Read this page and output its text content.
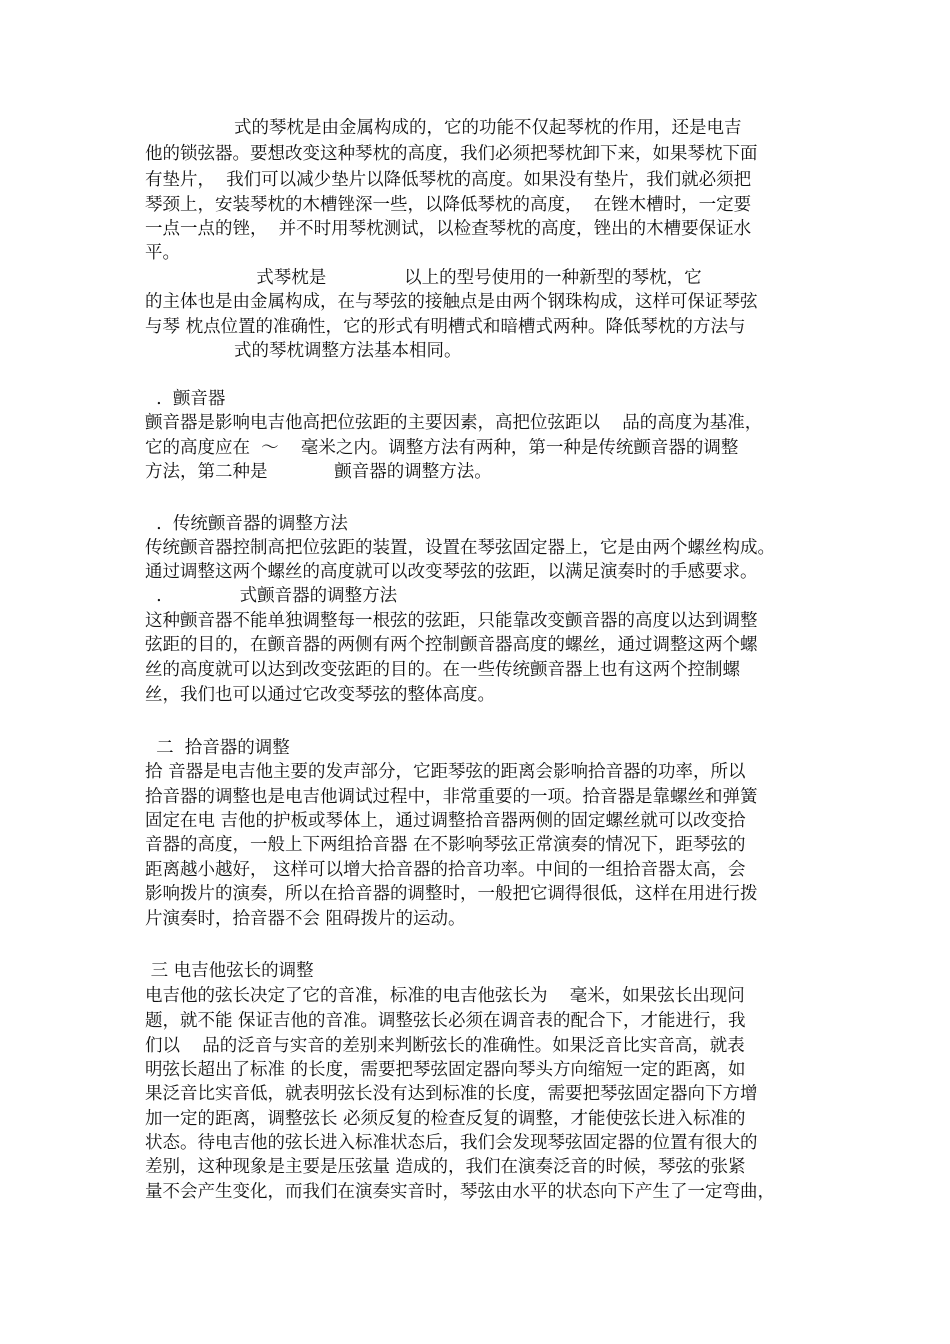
式的琴枕是由金属构成的，它的功能不仅起琴枕的作用，还是电吉
他的锁弦器。要想改变这种琴枕的高度，我们必须把琴枕卸下来，如果琴枕下面
有垫片，  我们可以减少垫片以降低琴枕的高度。如果没有垫片，我们就必须把
琴颈上，安装琴枕的木槽锉深一些，以降低琴枕的高度，  在锉木槽时，一定要
一点一点的锉，  并不时用琴枕测试，以检查琴枕的高度，锉出的木槽要保证水
平。
式琴枕是              以上的型号使用的一种新型的琴枕，它
的主体也是由金属构成，在与琴弦的接触点是由两个钢珠构成，这样可保证琴弦
与琴 枕点位置的准确性，它的形式有明槽式和暗槽式两种。降低琴枕的方法与
式的琴枕调整方法基本相同。
.  颤音器
颤音器是影响电吉他高把位弦距的主要因素，高把位弦距以    品的高度为基准，
它的高度应在  ～    毫米之内。调整方法有两种，第一种是传统颤音器的调整
方法，第二种是            颤音器的调整方法。
.  传统颤音器的调整方法
传统颤音器控制高把位弦距的装置，设置在琴弦固定器上，它是由两个螺丝构成。
通过调整这两个螺丝的高度就可以改变琴弦的弦距，以满足演奏时的手感要求。
.              式颤音器的调整方法
这种颤音器不能单独调整每一根弦的弦距，只能靠改变颤音器的高度以达到调整
弦距的目的，在颤音器的两侧有两个控制颤音器高度的螺丝，通过调整这两个螺
丝的高度就可以达到改变弦距的目的。在一些传统颤音器上也有这两个控制螺
丝，我们也可以通过它改变琴弦的整体高度。
二  拾音器的调整
拾 音器是电吉他主要的发声部分，它距琴弦的距离会影响拾音器的功率，所以
拾音器的调整也是电吉他调试过程中，非常重要的一项。拾音器是靠螺丝和弹簧
固定在电 吉他的护板或琴体上，通过调整拾音器两侧的固定螺丝就可以改变拾
音器的高度，一般上下两组拾音器 在不影响琴弦正常演奏的情况下，距琴弦的
距离越小越好， 这样可以增大拾音器的拾音功率。中间的一组拾音器太高，会
影响拨片的演奏，所以在拾音器的调整时，一般把它调得很低，这样在用进行拨
片演奏时，拾音器不会 阻碍拨片的运动。
三 电吉他弦长的调整
电吉他的弦长决定了它的音准，标准的电吉他弦长为    毫米，如果弦长出现问
题，就不能 保证吉他的音准。调整弦长必须在调音表的配合下，才能进行，我
们以    品的泛音与实音的差别来判断弦长的准确性。如果泛音比实音高，就表
明弦长超出了标准 的长度，需要把琴弦固定器向琴头方向缩短一定的距离，如
果泛音比实音低，就表明弦长没有达到标准的长度，需要把琴弦固定器向下方增
加一定的距离，调整弦长 必须反复的检查反复的调整，才能使弦长进入标准的
状态。待电吉他的弦长进入标准状态后，我们会发现琴弦固定器的位置有很大的
差别，这种现象是主要是压弦量 造成的，我们在演奏泛音的时候，琴弦的张紧
量不会产生变化，而我们在演奏实音时，琴弦由水平的状态向下产生了一定弯曲，
